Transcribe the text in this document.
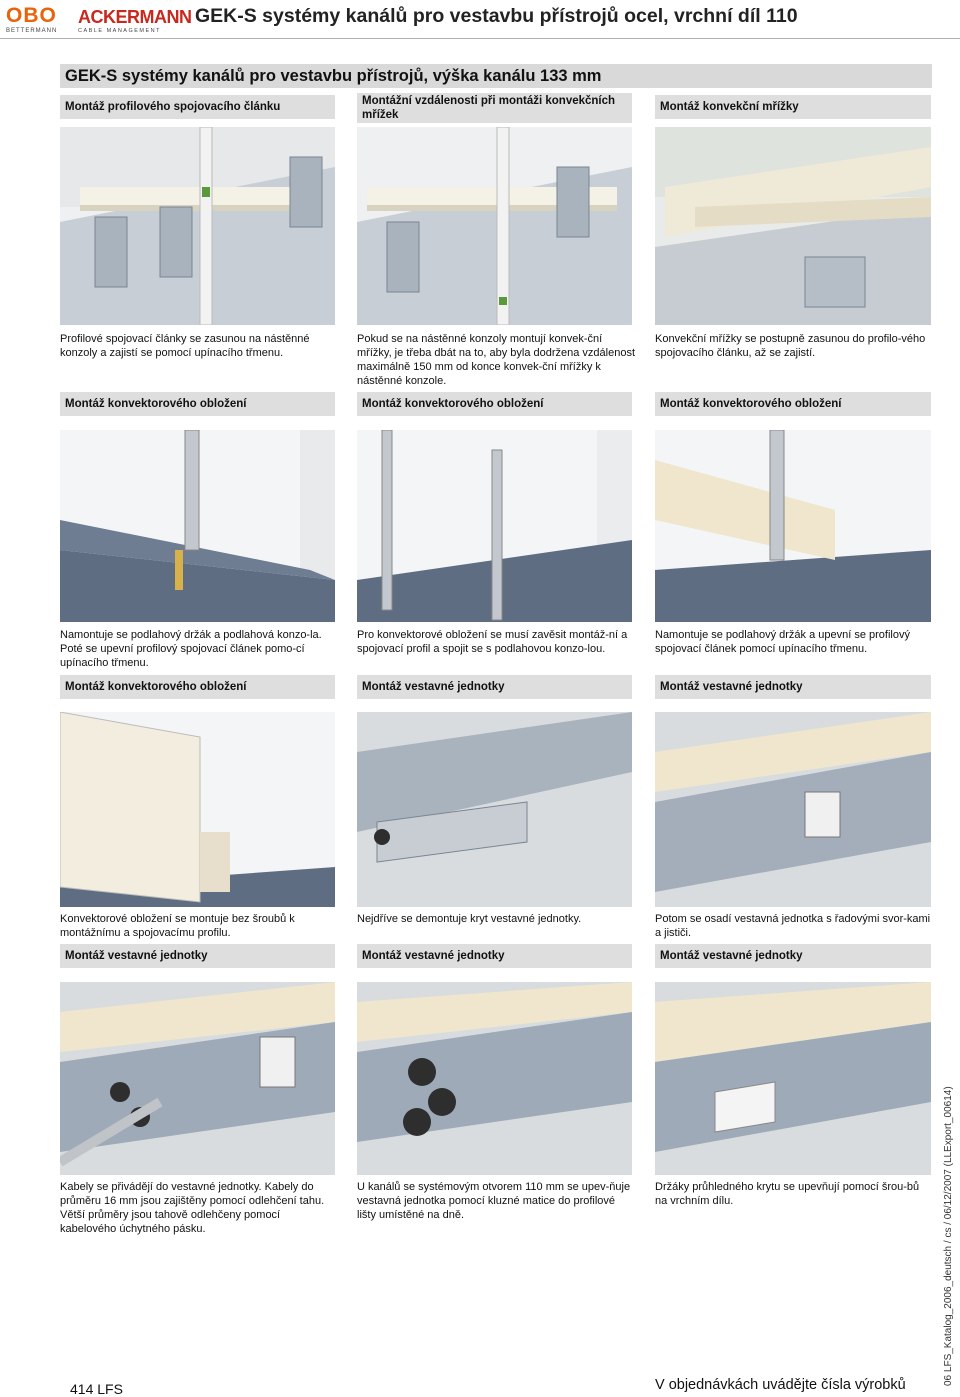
OBO
BETTERMANN
ACKERMANN
CABLE MANAGEMENT
GEK-S systémy kanálů pro vestavbu přístrojů ocel, vrchní díl 110
GEK-S systémy kanálů pro vestavbu přístrojů, výška kanálu 133 mm
Montáž profilového spojovacího článku	Montážní vzdálenosti při montáži konvekčních mřížek
Montáž konvekční mřížky
Profilové spojovací články se zasunou na nástěnné konzoly a zajistí se pomocí upínacího třmenu.
Pokud se na nástěnné konzoly montují konvek-ční mřížky, je třeba dbát na to, aby byla dodržena vzdálenost maximálně 150 mm od konce konvek-ční mřížky k nástěnné konzole.
Konvekční mřížky se postupně zasunou do profilo-vého spojovacího článku, až se zajistí.
Montáž konvektorového obložení	Montáž konvektorového obložení	Montáž konvektorového obložení
Namontuje se podlahový držák a podlahová konzo-la. Poté se upevní profilový spojovací článek pomo-cí upínacího třmenu.
Pro konvektorové obložení se musí zavěsit montáž-ní a spojovací profil a spojit se s podlahovou konzo-lou.
Namontuje se podlahový držák a upevní se profilový spojovací článek pomocí upínacího třmenu.
Montáž konvektorového obložení	Montáž vestavné jednotky	Montáž vestavné jednotky
Konvektorové obložení se montuje bez šroubů k montážnímu a spojovacímu profilu.
Nejdříve se demontuje kryt vestavné jednotky.	Potom se osadí vestavná jednotka s řadovými svor-kami a jističi.
Montáž vestavné jednotky	Montáž vestavné jednotky	Montáž vestavné jednotky
Kabely se přivádějí do vestavné jednotky. Kabely do průměru 16 mm jsou zajištěny pomocí odlehčení tahu. Větší průměry jsou tahově odlehčeny pomocí kabelového úchytného pásku.
U kanálů se systémovým otvorem 110 mm se upev-ňuje vestavná jednotka pomocí kluzné matice do profilové lišty umístěné na dně.
Držáky průhledného krytu se upevňují pomocí šrou-bů na vrchním dílu.	06 LFS_Katalog_2006_deutsch / cs / 06/12/2007 (LLExport_00614)
414 LFS	V objednávkách uvádějte čísla výrobků
